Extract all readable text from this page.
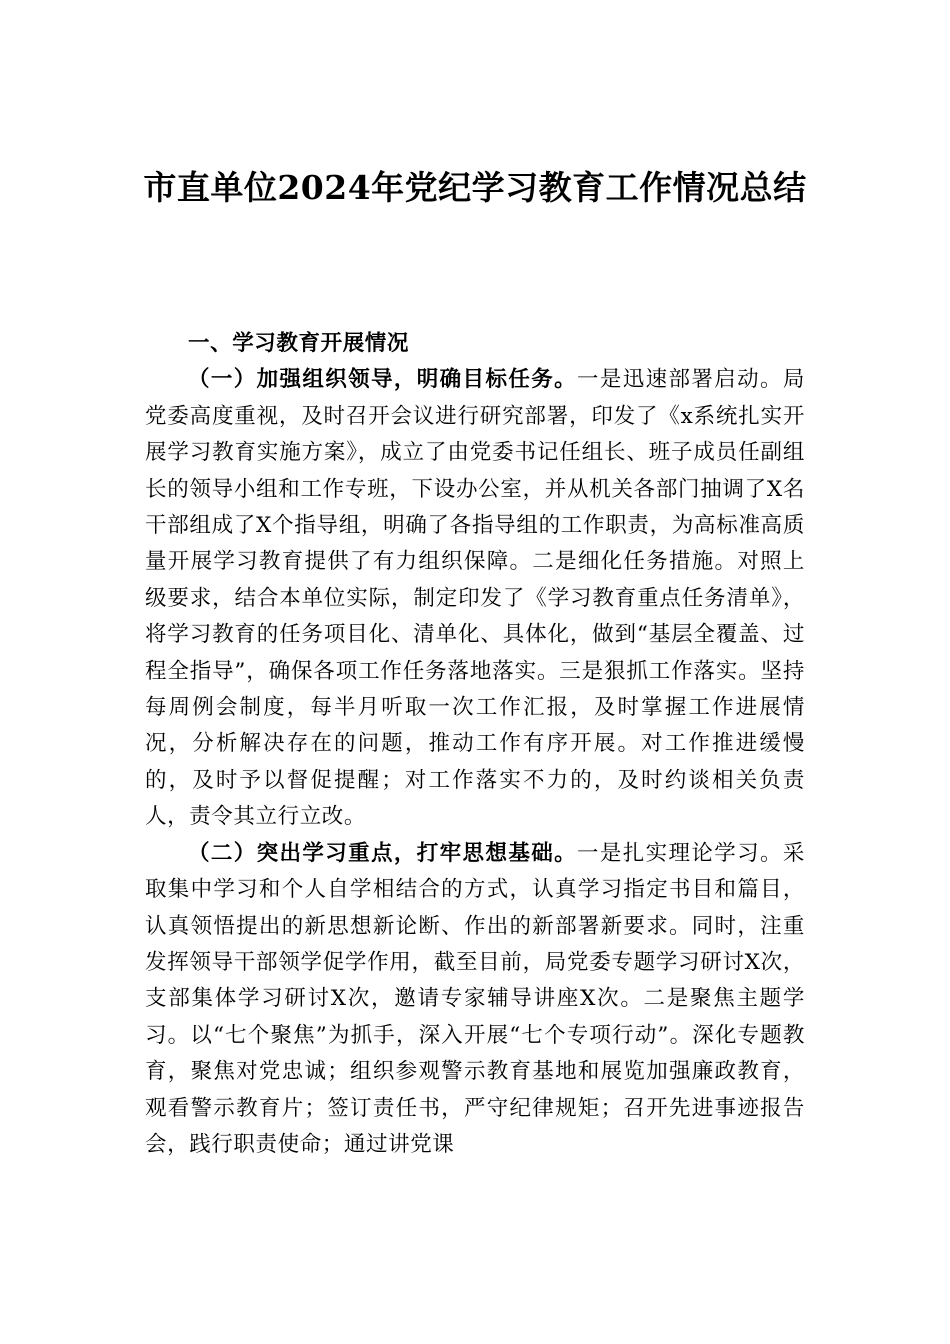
市直单位2024年党纪学习教育工作情况总结

一、学习教育开展情况

（一）加强组织领导，明确目标任务。一是迅速部署启动。局党委高度重视，及时召开会议进行研究部署，印发了《x系统扎实开展学习教育实施方案》，成立了由党委书记任组长、班子成员任副组长的领导小组和工作专班，下设办公室，并从机关各部门抽调了X名干部组成了X个指导组，明确了各指导组的工作职责，为高标准高质量开展学习教育提供了有力组织保障。二是细化任务措施。对照上级要求，结合本单位实际，制定印发了《学习教育重点任务清单》，将学习教育的任务项目化、清单化、具体化，做到“基层全覆盖、过程全指导”，确保各项工作任务落地落实。三是狠抓工作落实。坚持每周例会制度，每半月听取一次工作汇报，及时掌握工作进展情况，分析解决存在的问题，推动工作有序开展。对工作推进缓慢的，及时予以督促提醒；对工作落实不力的，及时约谈相关负责人，责令其立行立改。

（二）突出学习重点，打牢思想基础。一是扎实理论学习。采取集中学习和个人自学相结合的方式，认真学习指定书目和篇目，认真领悟提出的新思想新论断、作出的新部署新要求。同时，注重发挥领导干部领学促学作用，截至目前，局党委专题学习研讨X次，支部集体学习研讨X次，邀请专家辅导讲座X次。二是聚焦主题学习。以“七个聚焦”为抓手，深入开展“七个专项行动”。深化专题教育，聚焦对党忠诚；组织参观警示教育基地和展览加强廉政教育，观看警示教育片；签订责任书，严守纪律规矩；召开先进事迹报告会，践行职责使命；通过讲党课
